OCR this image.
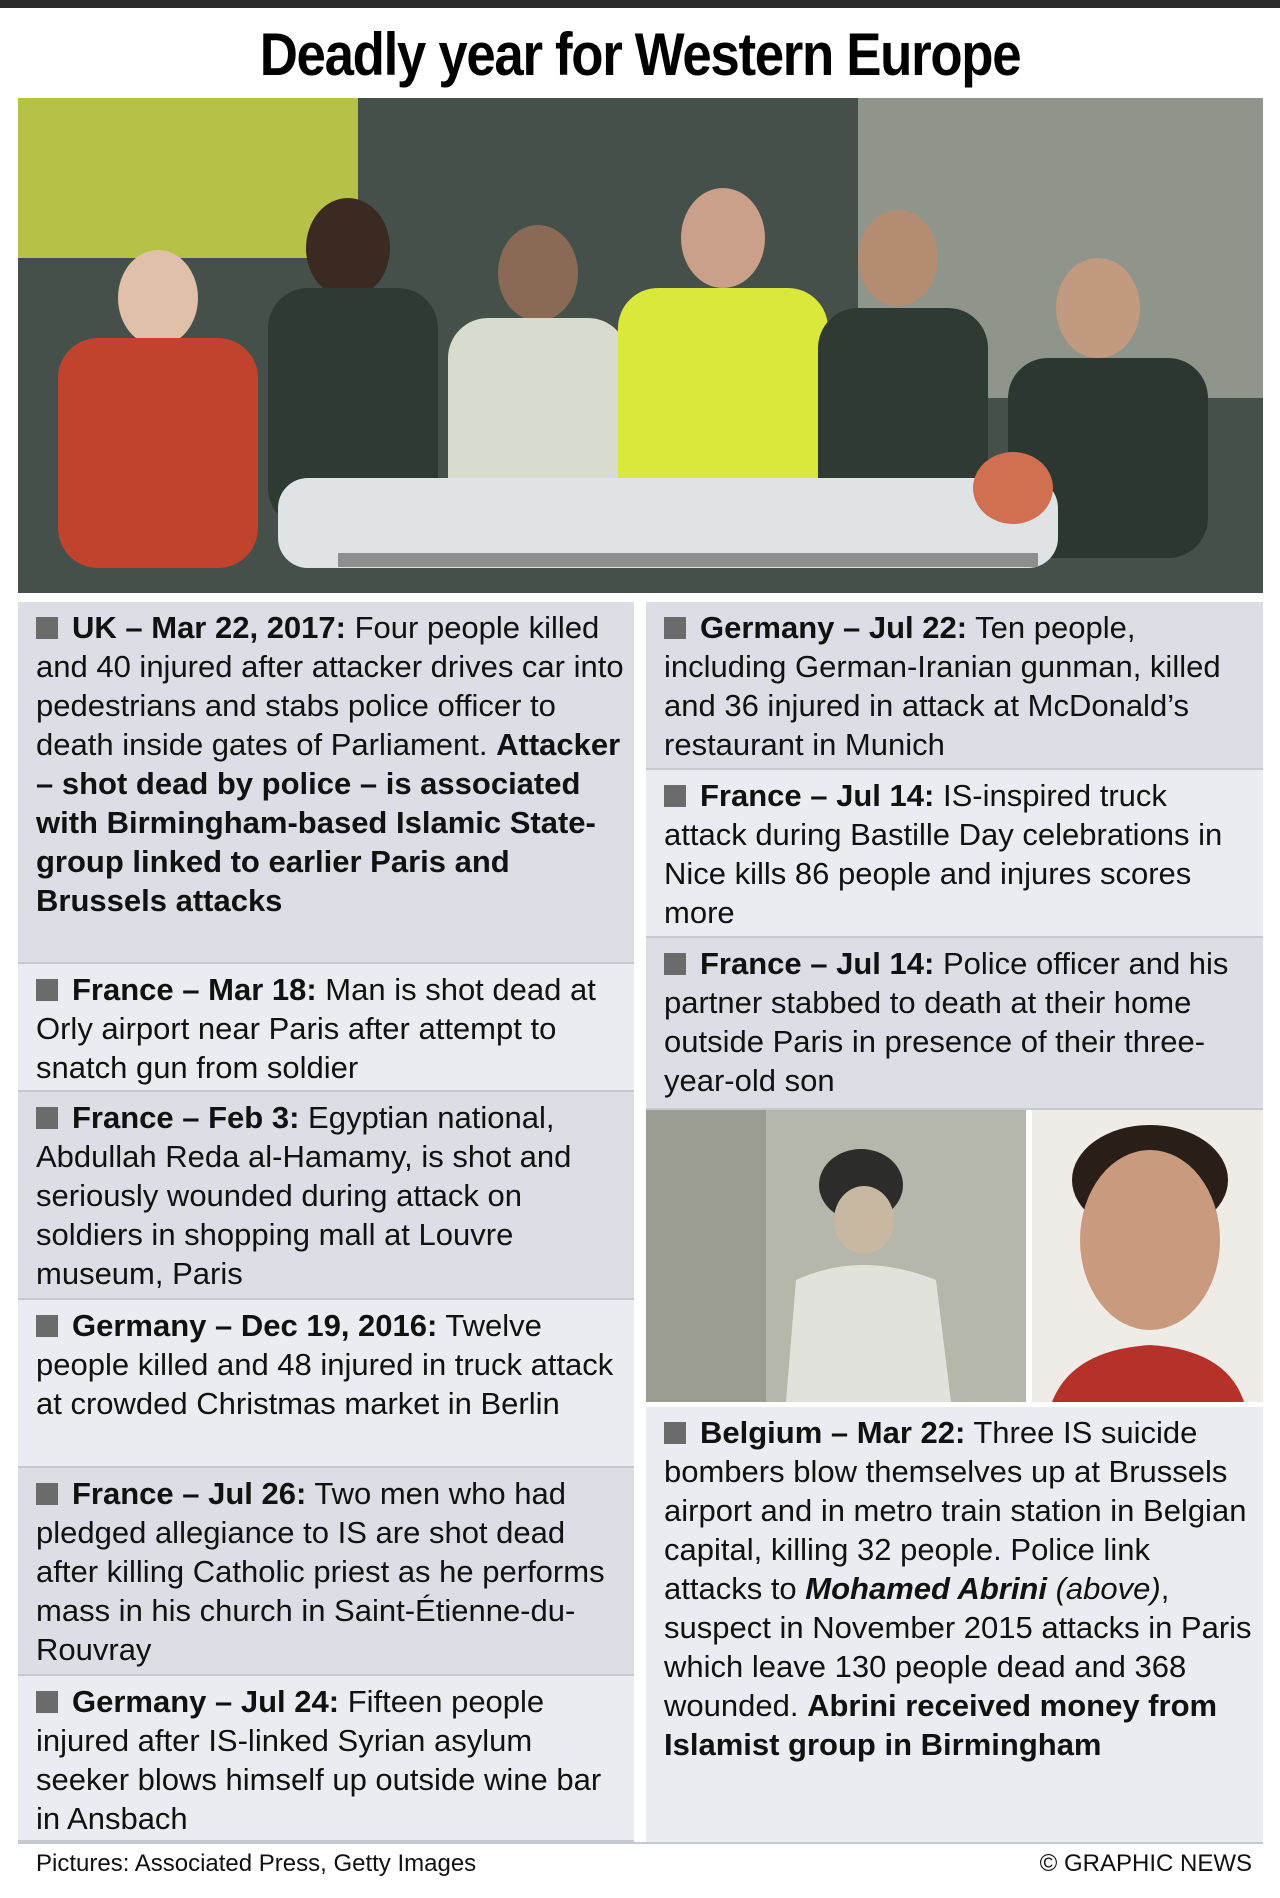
Deadly year for Western Europe
UK – Mar 22, 2017: Four people killed and 40 injured after attacker drives car into pedestrians and stabs police officer to death inside gates of Parliament. Attacker – shot dead by police – is associated with Birmingham-based Islamic State-group linked to earlier Paris and Brussels attacks
France – Mar 18: Man is shot dead at Orly airport near Paris after attempt to snatch gun from soldier
France – Feb 3: Egyptian national, Abdullah Reda al-Hamamy, is shot and seriously wounded during attack on soldiers in shopping mall at Louvre museum, Paris
Germany – Dec 19, 2016: Twelve people killed and 48 injured in truck attack at crowded Christmas market in Berlin
France – Jul 26: Two men who had pledged allegiance to IS are shot dead after killing Catholic priest as he performs mass in his church in Saint-Étienne-du-Rouvray
Germany – Jul 24: Fifteen people injured after IS-linked Syrian asylum seeker blows himself up outside wine bar in Ansbach
Germany – Jul 22: Ten people, including German-Iranian gunman, killed and 36 injured in attack at McDonald’s restaurant in Munich
France – Jul 14: IS-inspired truck attack during Bastille Day celebrations in Nice kills 86 people and injures scores more
France – Jul 14: Police officer and his partner stabbed to death at their home outside Paris in presence of their three-year-old son
Belgium – Mar 22: Three IS suicide bombers blow themselves up at Brussels airport and in metro train station in Belgian capital, killing 32 people. Police link attacks to Mohamed Abrini (above), suspect in November 2015 attacks in Paris which leave 130 people dead and 368 wounded. Abrini received money from Islamist group in Birmingham
Pictures: Associated Press, Getty Images	© GRAPHIC NEWS
